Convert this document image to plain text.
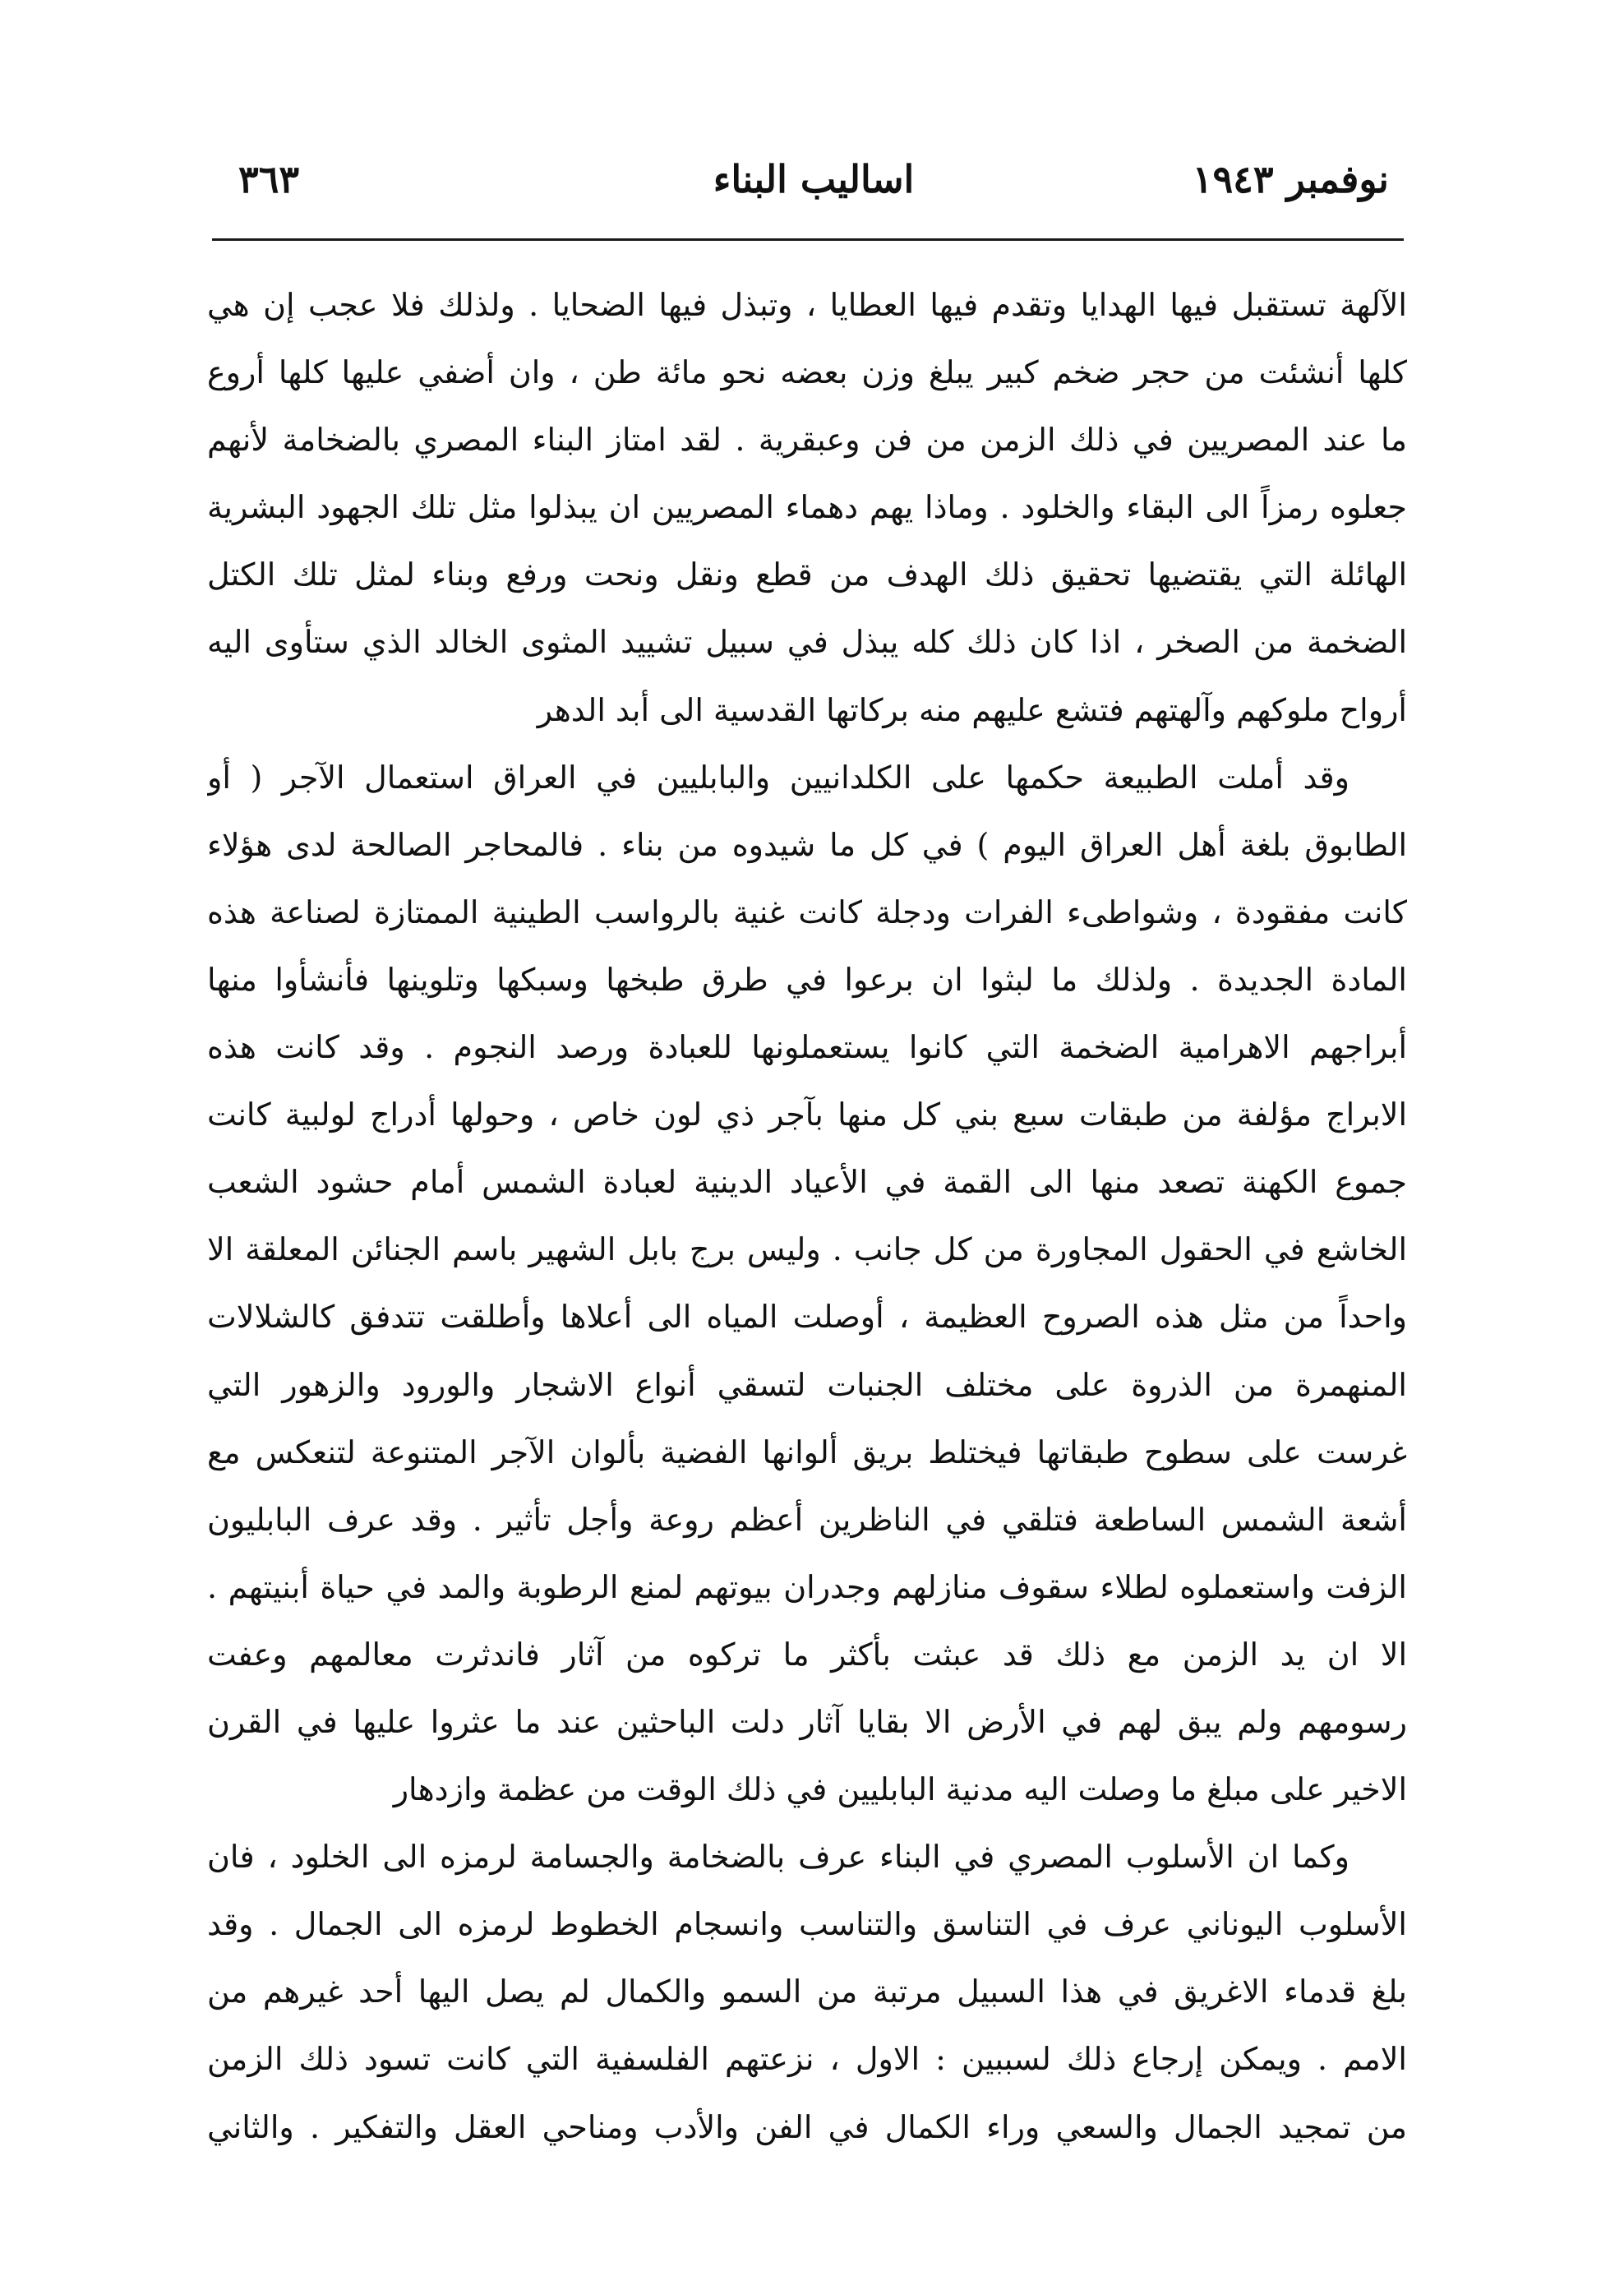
نوفمبر ١٩٤٣
اساليب البناء
٣٦٣
الآلهة تستقبل فيها الهدايا وتقدم فيها العطايا ، وتبذل فيها الضحايا . ولذلك فلا عجب إن هي
كلها أنشئت من حجر ضخم كبير يبلغ وزن بعضه نحو مائة طن ، وان أضفي عليها كلها أروع
ما عند المصريين في ذلك الزمن من فن وعبقرية . لقد امتاز البناء المصري بالضخامة لأنهم
جعلوه رمزاً الى البقاء والخلود . وماذا يهم دهماء المصريين ان يبذلوا مثل تلك الجهود البشرية
الهائلة التي يقتضيها تحقيق ذلك الهدف من قطع ونقل ونحت ورفع وبناء لمثل تلك الكتل
الضخمة من الصخر ، اذا كان ذلك كله يبذل في سبيل تشييد المثوى الخالد الذي ستأوى اليه
أرواح ملوكهم وآلهتهم فتشع عليهم منه بركاتها القدسية الى أبد الدهر
وقد أملت الطبيعة حكمها على الكلدانيين والبابليين في العراق استعمال الآجر ( أو
الطابوق بلغة أهل العراق اليوم ) في كل ما شيدوه من بناء . فالمحاجر الصالحة لدى هؤلاء
كانت مفقودة ، وشواطىء الفرات ودجلة كانت غنية بالرواسب الطينية الممتازة لصناعة هذه
المادة الجديدة . ولذلك ما لبثوا ان برعوا في طرق طبخها وسبكها وتلوينها فأنشأوا منها
أبراجهم الاهرامية الضخمة التي كانوا يستعملونها للعبادة ورصد النجوم . وقد كانت هذه
الابراج مؤلفة من طبقات سبع بني كل منها بآجر ذي لون خاص ، وحولها أدراج لولبية كانت
جموع الكهنة تصعد منها الى القمة في الأعياد الدينية لعبادة الشمس أمام حشود الشعب
الخاشع في الحقول المجاورة من كل جانب . وليس برج بابل الشهير باسم الجنائن المعلقة الا
واحداً من مثل هذه الصروح العظيمة ، أوصلت المياه الى أعلاها وأطلقت تتدفق كالشلالات
المنهمرة من الذروة على مختلف الجنبات لتسقي أنواع الاشجار والورود والزهور التي
غرست على سطوح طبقاتها فيختلط بريق ألوانها الفضية بألوان الآجر المتنوعة لتنعكس مع
أشعة الشمس الساطعة فتلقي في الناظرين أعظم روعة وأجل تأثير . وقد عرف البابليون
الزفت واستعملوه لطلاء سقوف منازلهم وجدران بيوتهم لمنع الرطوبة والمد في حياة أبنيتهم .
الا ان يد الزمن مع ذلك قد عبثت بأكثر ما تركوه من آثار فاندثرت معالمهم وعفت
رسومهم ولم يبق لهم في الأرض الا بقايا آثار دلت الباحثين عند ما عثروا عليها في القرن
الاخير على مبلغ ما وصلت اليه مدنية البابليين في ذلك الوقت من عظمة وازدهار
وكما ان الأسلوب المصري في البناء عرف بالضخامة والجسامة لرمزه الى الخلود ، فان
الأسلوب اليوناني عرف في التناسق والتناسب وانسجام الخطوط لرمزه الى الجمال . وقد
بلغ قدماء الاغريق في هذا السبيل مرتبة من السمو والكمال لم يصل اليها أحد غيرهم من
الامم . ويمكن إرجاع ذلك لسببين : الاول ، نزعتهم الفلسفية التي كانت تسود ذلك الزمن
من تمجيد الجمال والسعي وراء الكمال في الفن والأدب ومناحي العقل والتفكير . والثاني
